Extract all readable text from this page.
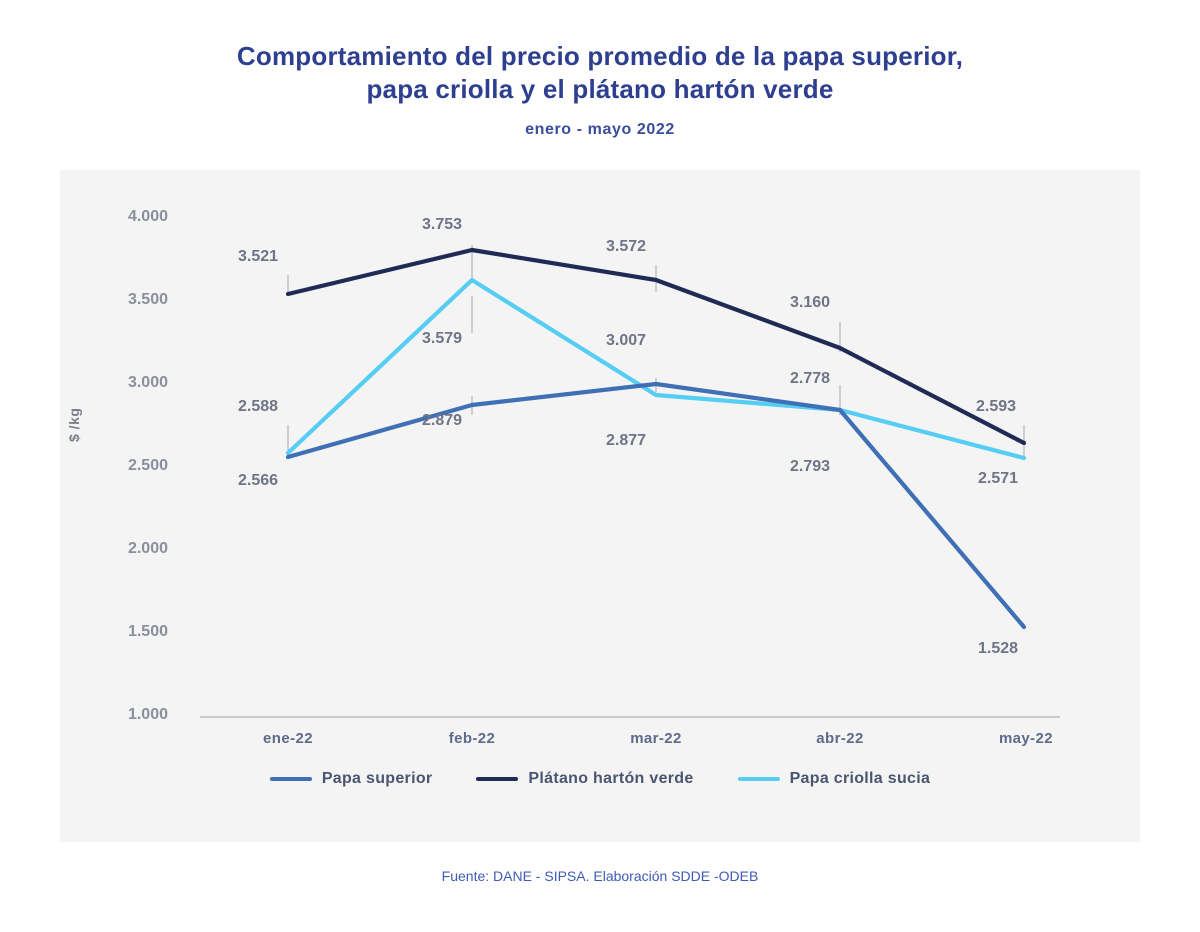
Comportamiento del precio promedio de la papa superior,
papa criolla y el plátano hartón verde

enero - mayo 2022

$ /kg
1.000
1.500
2.000
2.500
3.000
3.500
4.000
ene-22	feb-22	mar-22	abr-22	may-22
3.521
3.753
3.572
3.160
2.593
2.588
3.579
2.877
2.778
2.571
2.566
2.879
3.007
2.793
1.528
Papa superior	Plátano hartón verde	Papa criolla sucia
Fuente: DANE - SIPSA. Elaboración SDDE -ODEB
